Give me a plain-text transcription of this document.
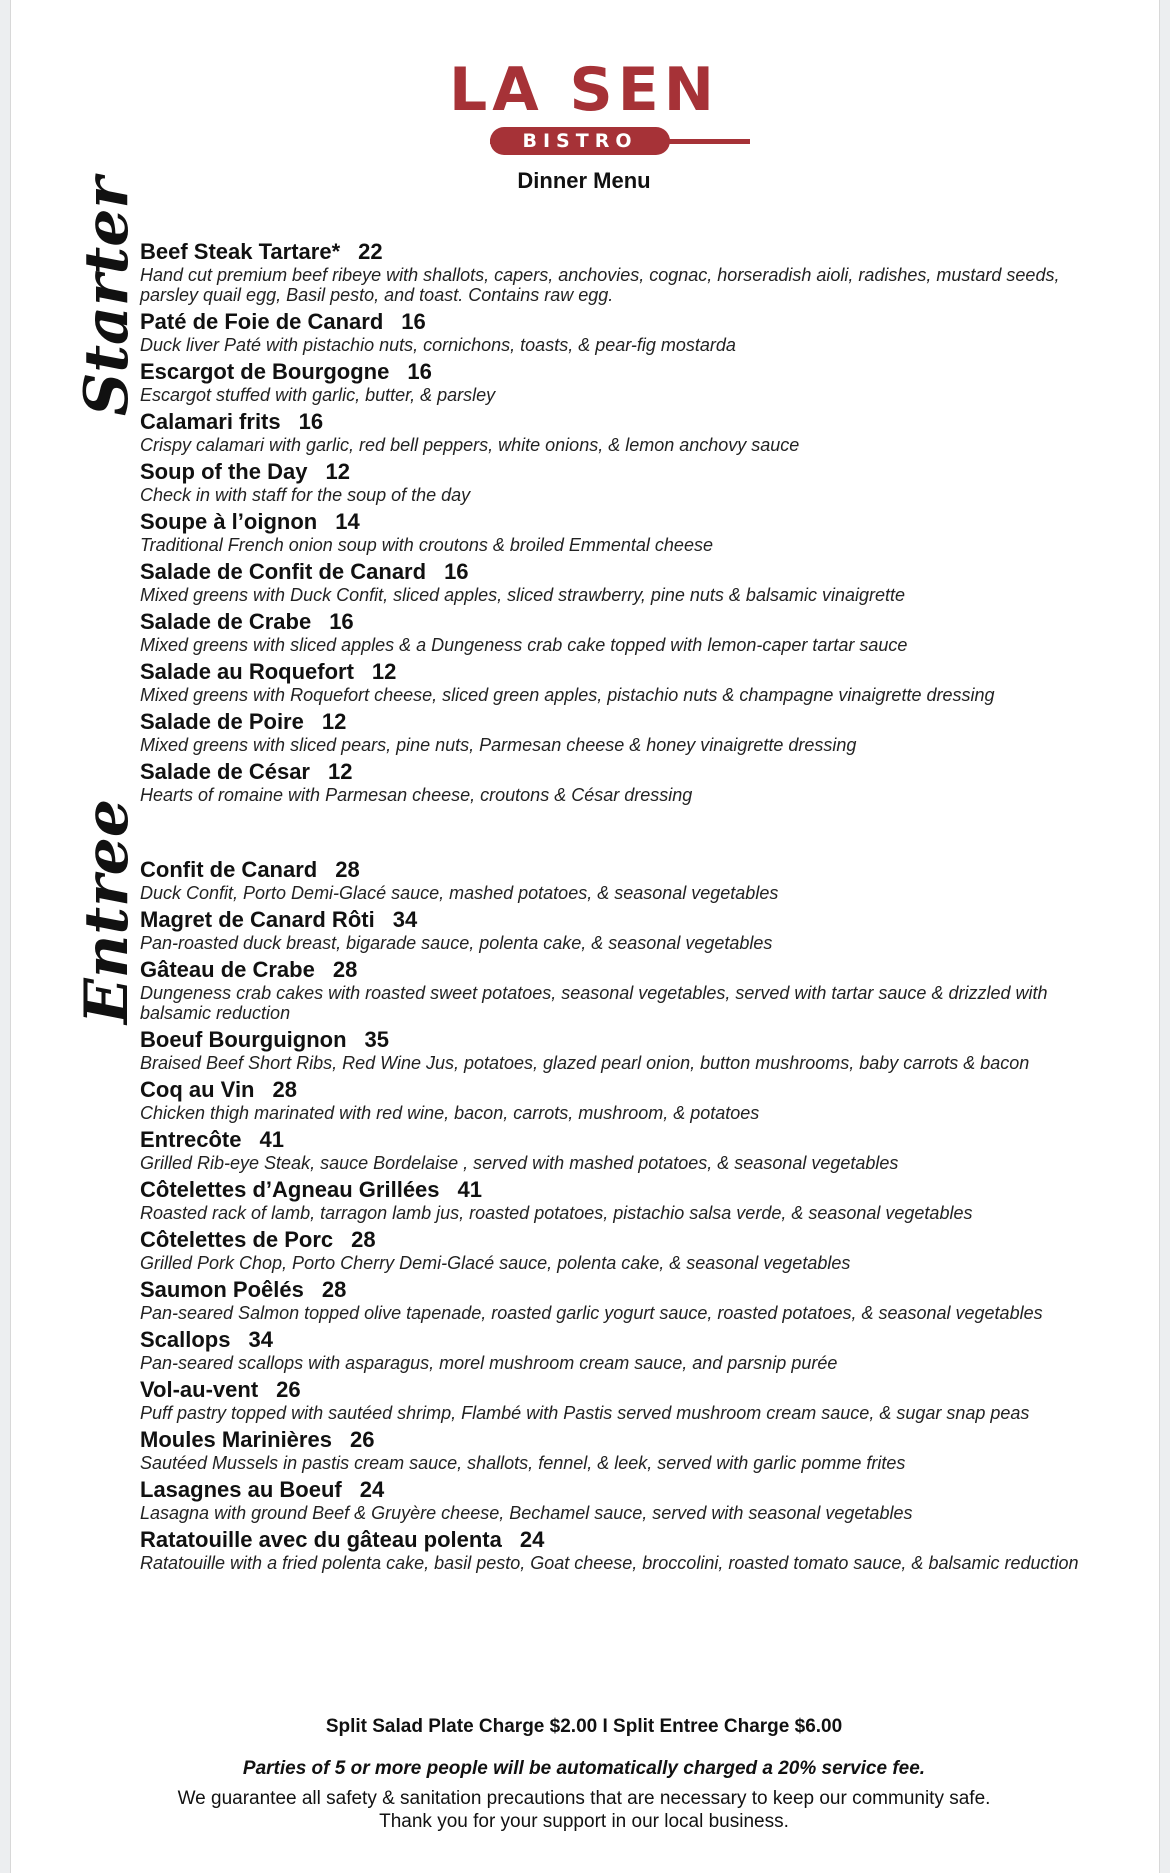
LA SEN
BISTRO
Dinner Menu
Starter
Beef Steak Tartare* 22
Hand cut premium beef ribeye with shallots, capers, anchovies, cognac, horseradish aioli, radishes, mustard seeds, parsley quail egg, Basil pesto, and toast. Contains raw egg.
Paté de Foie de Canard 16
Duck liver Paté with pistachio nuts, cornichons, toasts, & pear-fig mostarda
Escargot de Bourgogne 16
Escargot stuffed with garlic, butter, & parsley
Calamari frits 16
Crispy calamari with garlic, red bell peppers, white onions, & lemon anchovy sauce
Soup of the Day 12
Check in with staff for the soup of the day
Soupe à l’oignon 14
Traditional French onion soup with croutons & broiled Emmental cheese
Salade de Confit de Canard 16
Mixed greens with Duck Confit, sliced apples, sliced strawberry, pine nuts & balsamic vinaigrette
Salade de Crabe 16
Mixed greens with sliced apples & a Dungeness crab cake topped with lemon-caper tartar sauce
Salade au Roquefort 12
Mixed greens with Roquefort cheese, sliced green apples, pistachio nuts & champagne vinaigrette dressing
Salade de Poire 12
Mixed greens with sliced pears, pine nuts, Parmesan cheese & honey vinaigrette dressing
Salade de César 12
Hearts of romaine with Parmesan cheese, croutons & César dressing
Entree
Confit de Canard 28
Duck Confit, Porto Demi-Glacé sauce, mashed potatoes, & seasonal vegetables
Magret de Canard Rôti 34
Pan-roasted duck breast, bigarade sauce, polenta cake, & seasonal vegetables
Gâteau de Crabe 28
Dungeness crab cakes with roasted sweet potatoes, seasonal vegetables, served with tartar sauce & drizzled with balsamic reduction
Boeuf Bourguignon 35
Braised Beef Short Ribs, Red Wine Jus, potatoes, glazed pearl onion, button mushrooms, baby carrots & bacon
Coq au Vin 28
Chicken thigh marinated with red wine, bacon, carrots, mushroom, & potatoes
Entrecôte 41
Grilled Rib-eye Steak, sauce Bordelaise , served with mashed potatoes, & seasonal vegetables
Côtelettes d’Agneau Grillées 41
Roasted rack of lamb, tarragon lamb jus, roasted potatoes, pistachio salsa verde, & seasonal vegetables
Côtelettes de Porc 28
Grilled Pork Chop, Porto Cherry Demi-Glacé sauce, polenta cake, & seasonal vegetables
Saumon Poêlés 28
Pan-seared Salmon topped olive tapenade, roasted garlic yogurt sauce, roasted potatoes, & seasonal vegetables
Scallops 34
Pan-seared scallops with asparagus, morel mushroom cream sauce, and parsnip purée
Vol-au-vent 26
Puff pastry topped with sautéed shrimp, Flambé with Pastis served mushroom cream sauce, & sugar snap peas
Moules Marinières 26
Sautéed Mussels in pastis cream sauce, shallots, fennel, & leek, served with garlic pomme frites
Lasagnes au Boeuf 24
Lasagna with ground Beef & Gruyère cheese, Bechamel sauce, served with seasonal vegetables
Ratatouille avec du gâteau polenta 24
Ratatouille with a fried polenta cake, basil pesto, Goat cheese, broccolini, roasted tomato sauce, & balsamic reduction
Split Salad Plate Charge $2.00 I Split Entree Charge $6.00
Parties of 5 or more people will be automatically charged a 20% service fee.
We guarantee all safety & sanitation precautions that are necessary to keep our community safe.
Thank you for your support in our local business.
